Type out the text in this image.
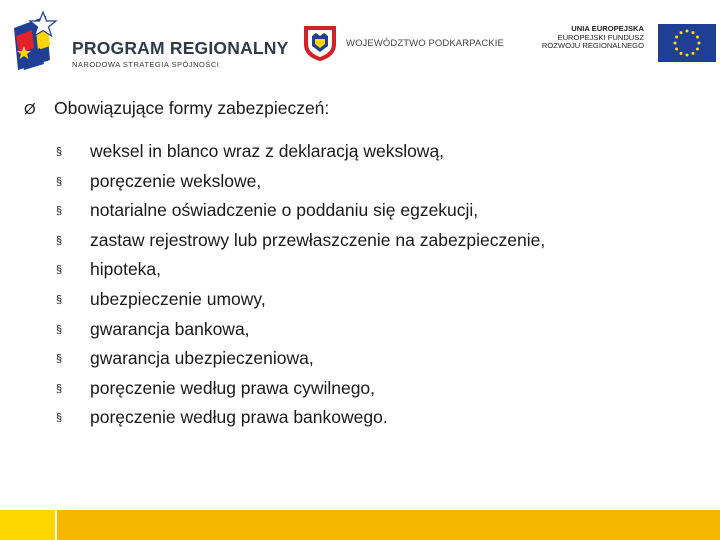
PROGRAM REGIONALNY
NARODOWA STRATEGIA SPÓJNOŚCI
WOJEWÓDZTWO PODKARPACKIE
UNIA EUROPEJSKA
EUROPEJSKI FUNDUSZ
ROZWOJU REGIONALNEGO
Ø Obowiązujące formy zabezpieczeń:
§	weksel in blanco wraz z deklaracją wekslową,
§	poręczenie wekslowe,
§	notarialne oświadczenie o poddaniu się egzekucji,
§	zastaw rejestrowy lub przewłaszczenie na zabezpieczenie,
§	hipoteka,
§	ubezpieczenie umowy,
§	gwarancja bankowa,
§	gwarancja ubezpieczeniowa,
§	poręczenie według prawa cywilnego,
§	poręczenie według prawa bankowego.
